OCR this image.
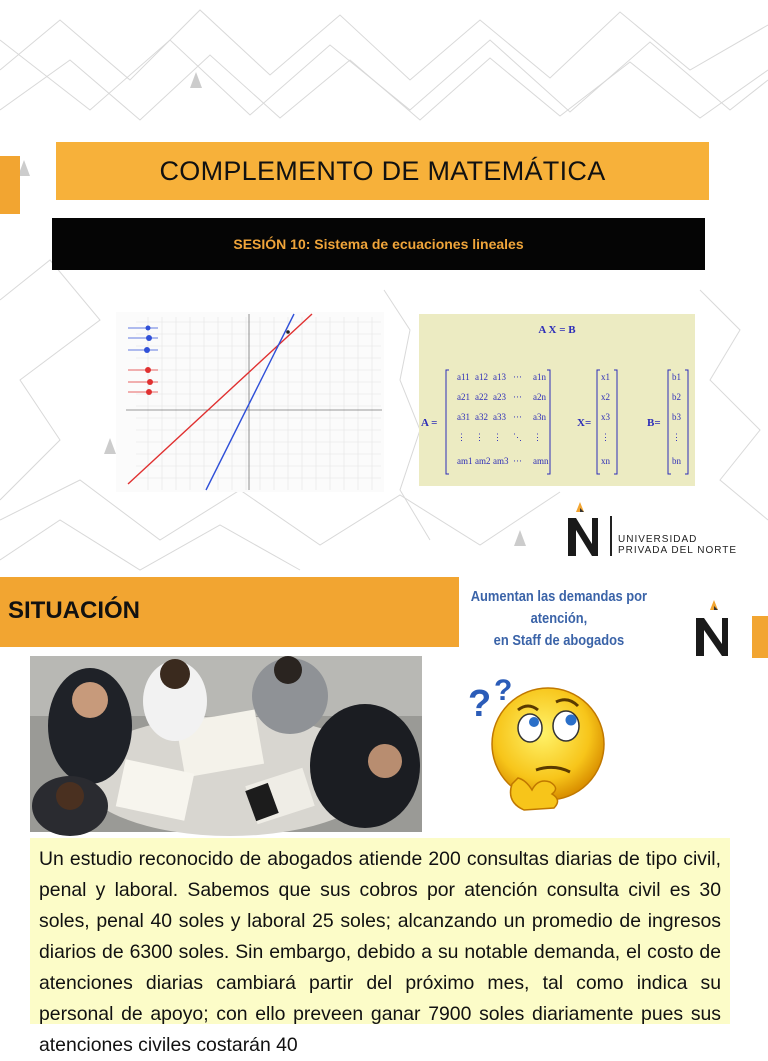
COMPLEMENTO DE MATEMÁTICA
SESIÓN 10: Sistema de ecuaciones lineales
A X = B
A =	X=	B=
a11 a12 a13 ··· a1n
a21 a22 a23 ··· a2n
a31 a32 a33 ··· a3n
⋮ ⋮ ⋮ ⋱ ⋮
am1 am2 am3 ··· amn
x1
x2
x3
⋮
xn
b1
b2
b3
⋮
bn
UNIVERSIDAD
PRIVADA DEL NORTE
SITUACIÓN
Aumentan las demandas por atención,
en Staff de abogados
? ?

Un estudio reconocido de abogados atiende 200 consultas diarias de tipo civil, penal y laboral. Sabemos que sus cobros por atención consulta civil es 30 soles, penal 40 soles y laboral 25 soles; alcanzando un promedio de ingresos diarios de 6300 soles. Sin embargo, debido a su notable demanda, el costo de atenciones diarias cambiará partir del próximo mes, tal como indica su personal de apoyo; con ello preveen ganar 7900 soles diariamente pues sus atenciones civiles costarán 40
